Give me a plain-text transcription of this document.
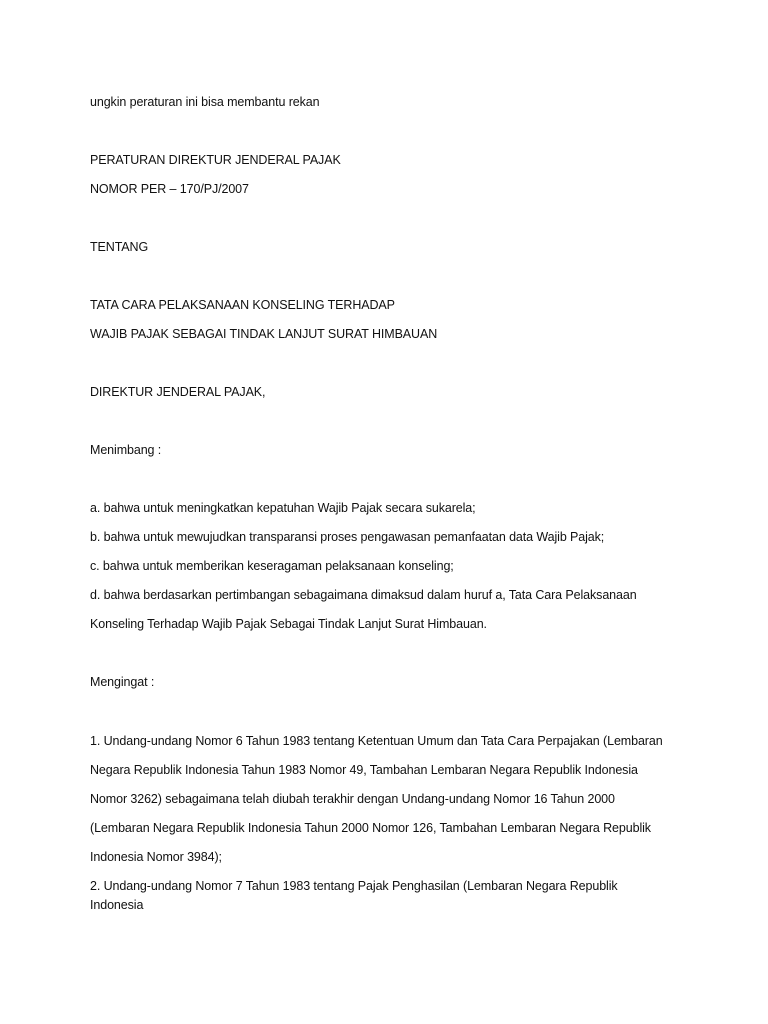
ungkin peraturan ini bisa membantu rekan
PERATURAN DIREKTUR JENDERAL PAJAK
NOMOR PER – 170/PJ/2007
TENTANG
TATA CARA PELAKSANAAN KONSELING TERHADAP
WAJIB PAJAK SEBAGAI TINDAK LANJUT SURAT HIMBAUAN
DIREKTUR JENDERAL PAJAK,
Menimbang :
a. bahwa untuk meningkatkan kepatuhan Wajib Pajak secara sukarela;
b. bahwa untuk mewujudkan transparansi proses pengawasan pemanfaatan data Wajib Pajak;
c. bahwa untuk memberikan keseragaman pelaksanaan konseling;
d. bahwa berdasarkan pertimbangan sebagaimana dimaksud dalam huruf a, Tata Cara Pelaksanaan
Konseling Terhadap Wajib Pajak Sebagai Tindak Lanjut Surat Himbauan.
Mengingat :
1. Undang-undang Nomor 6 Tahun 1983 tentang Ketentuan Umum dan Tata Cara Perpajakan (Lembaran
Negara Republik Indonesia Tahun 1983 Nomor 49, Tambahan Lembaran Negara Republik Indonesia
Nomor 3262) sebagaimana telah diubah terakhir dengan Undang-undang Nomor 16 Tahun 2000
(Lembaran Negara Republik Indonesia Tahun 2000 Nomor 126, Tambahan Lembaran Negara Republik
Indonesia Nomor 3984);
2. Undang-undang Nomor 7 Tahun 1983 tentang Pajak Penghasilan (Lembaran Negara Republik
Indonesia
